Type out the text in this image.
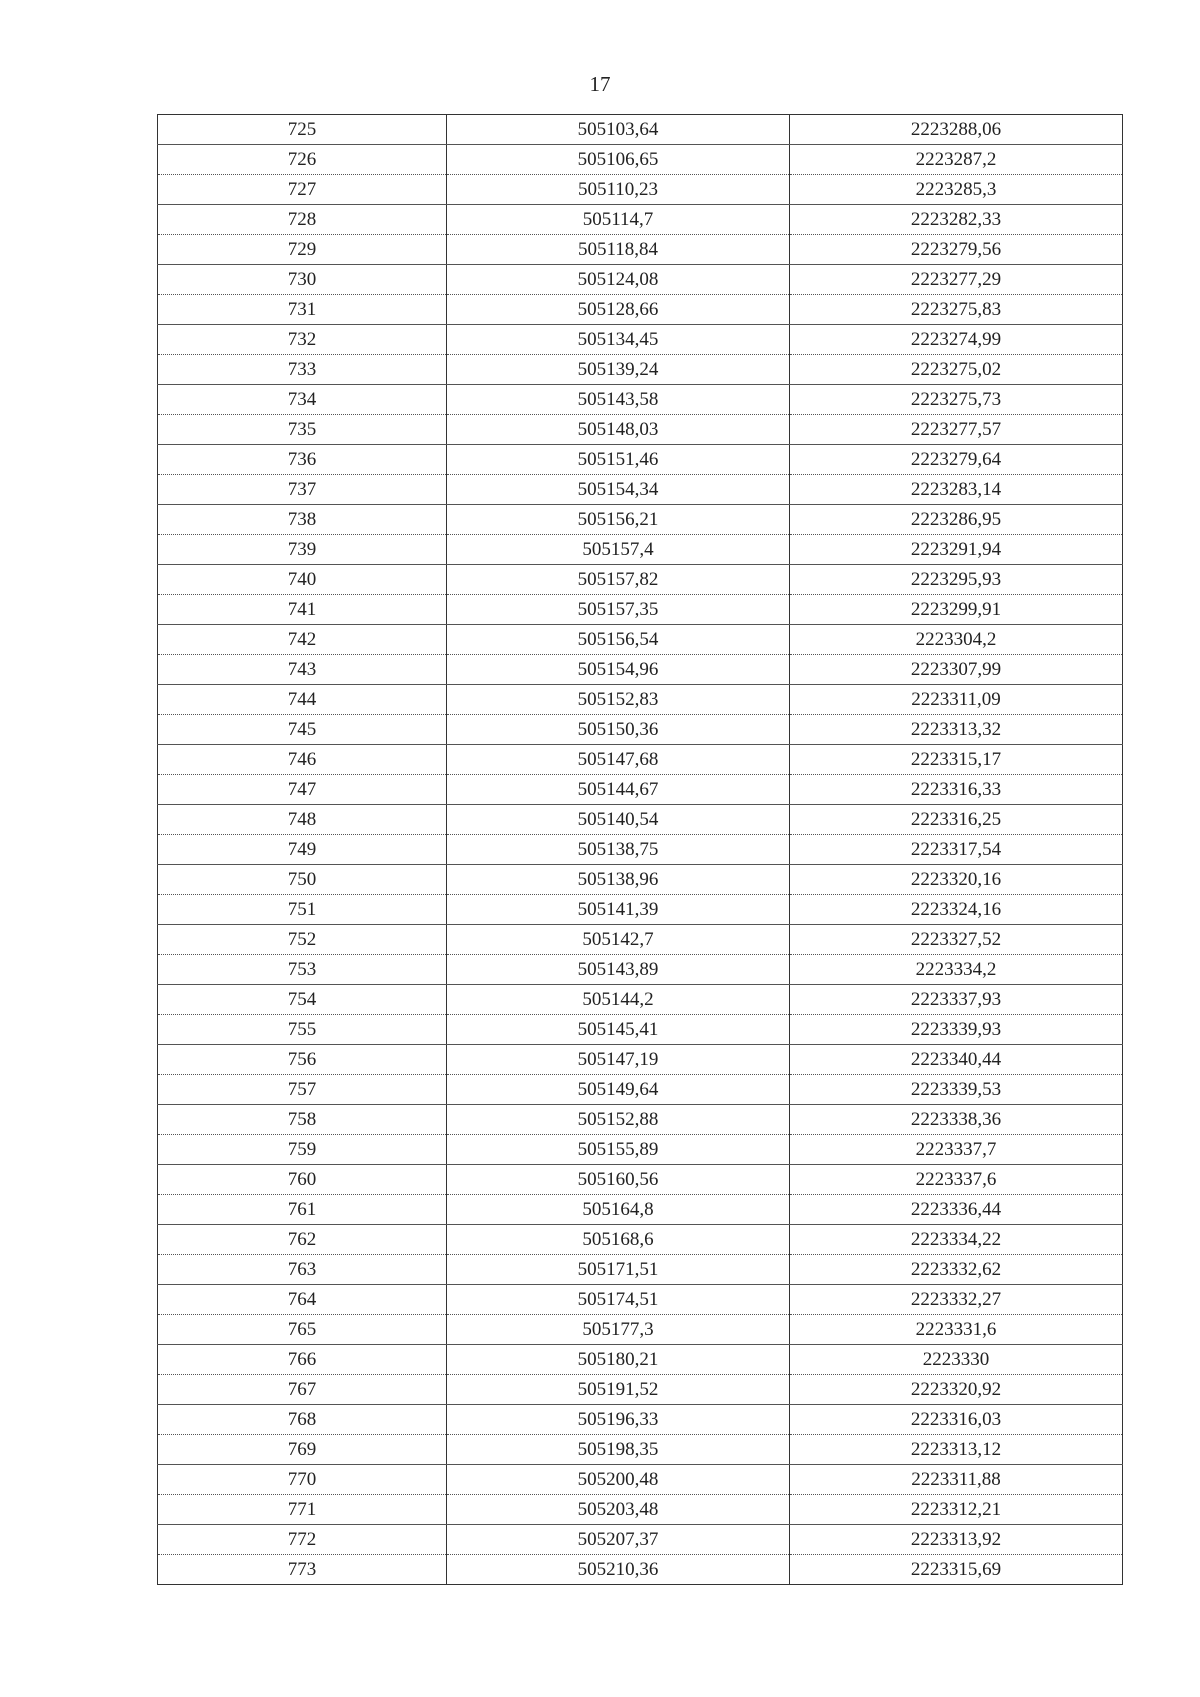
17
725	505103,64	2223288,06
726	505106,65	2223287,2
727	505110,23	2223285,3
728	505114,7	2223282,33
729	505118,84	2223279,56
730	505124,08	2223277,29
731	505128,66	2223275,83
732	505134,45	2223274,99
733	505139,24	2223275,02
734	505143,58	2223275,73
735	505148,03	2223277,57
736	505151,46	2223279,64
737	505154,34	2223283,14
738	505156,21	2223286,95
739	505157,4	2223291,94
740	505157,82	2223295,93
741	505157,35	2223299,91
742	505156,54	2223304,2
743	505154,96	2223307,99
744	505152,83	2223311,09
745	505150,36	2223313,32
746	505147,68	2223315,17
747	505144,67	2223316,33
748	505140,54	2223316,25
749	505138,75	2223317,54
750	505138,96	2223320,16
751	505141,39	2223324,16
752	505142,7	2223327,52
753	505143,89	2223334,2
754	505144,2	2223337,93
755	505145,41	2223339,93
756	505147,19	2223340,44
757	505149,64	2223339,53
758	505152,88	2223338,36
759	505155,89	2223337,7
760	505160,56	2223337,6
761	505164,8	2223336,44
762	505168,6	2223334,22
763	505171,51	2223332,62
764	505174,51	2223332,27
765	505177,3	2223331,6
766	505180,21	2223330
767	505191,52	2223320,92
768	505196,33	2223316,03
769	505198,35	2223313,12
770	505200,48	2223311,88
771	505203,48	2223312,21
772	505207,37	2223313,92
773	505210,36	2223315,69
